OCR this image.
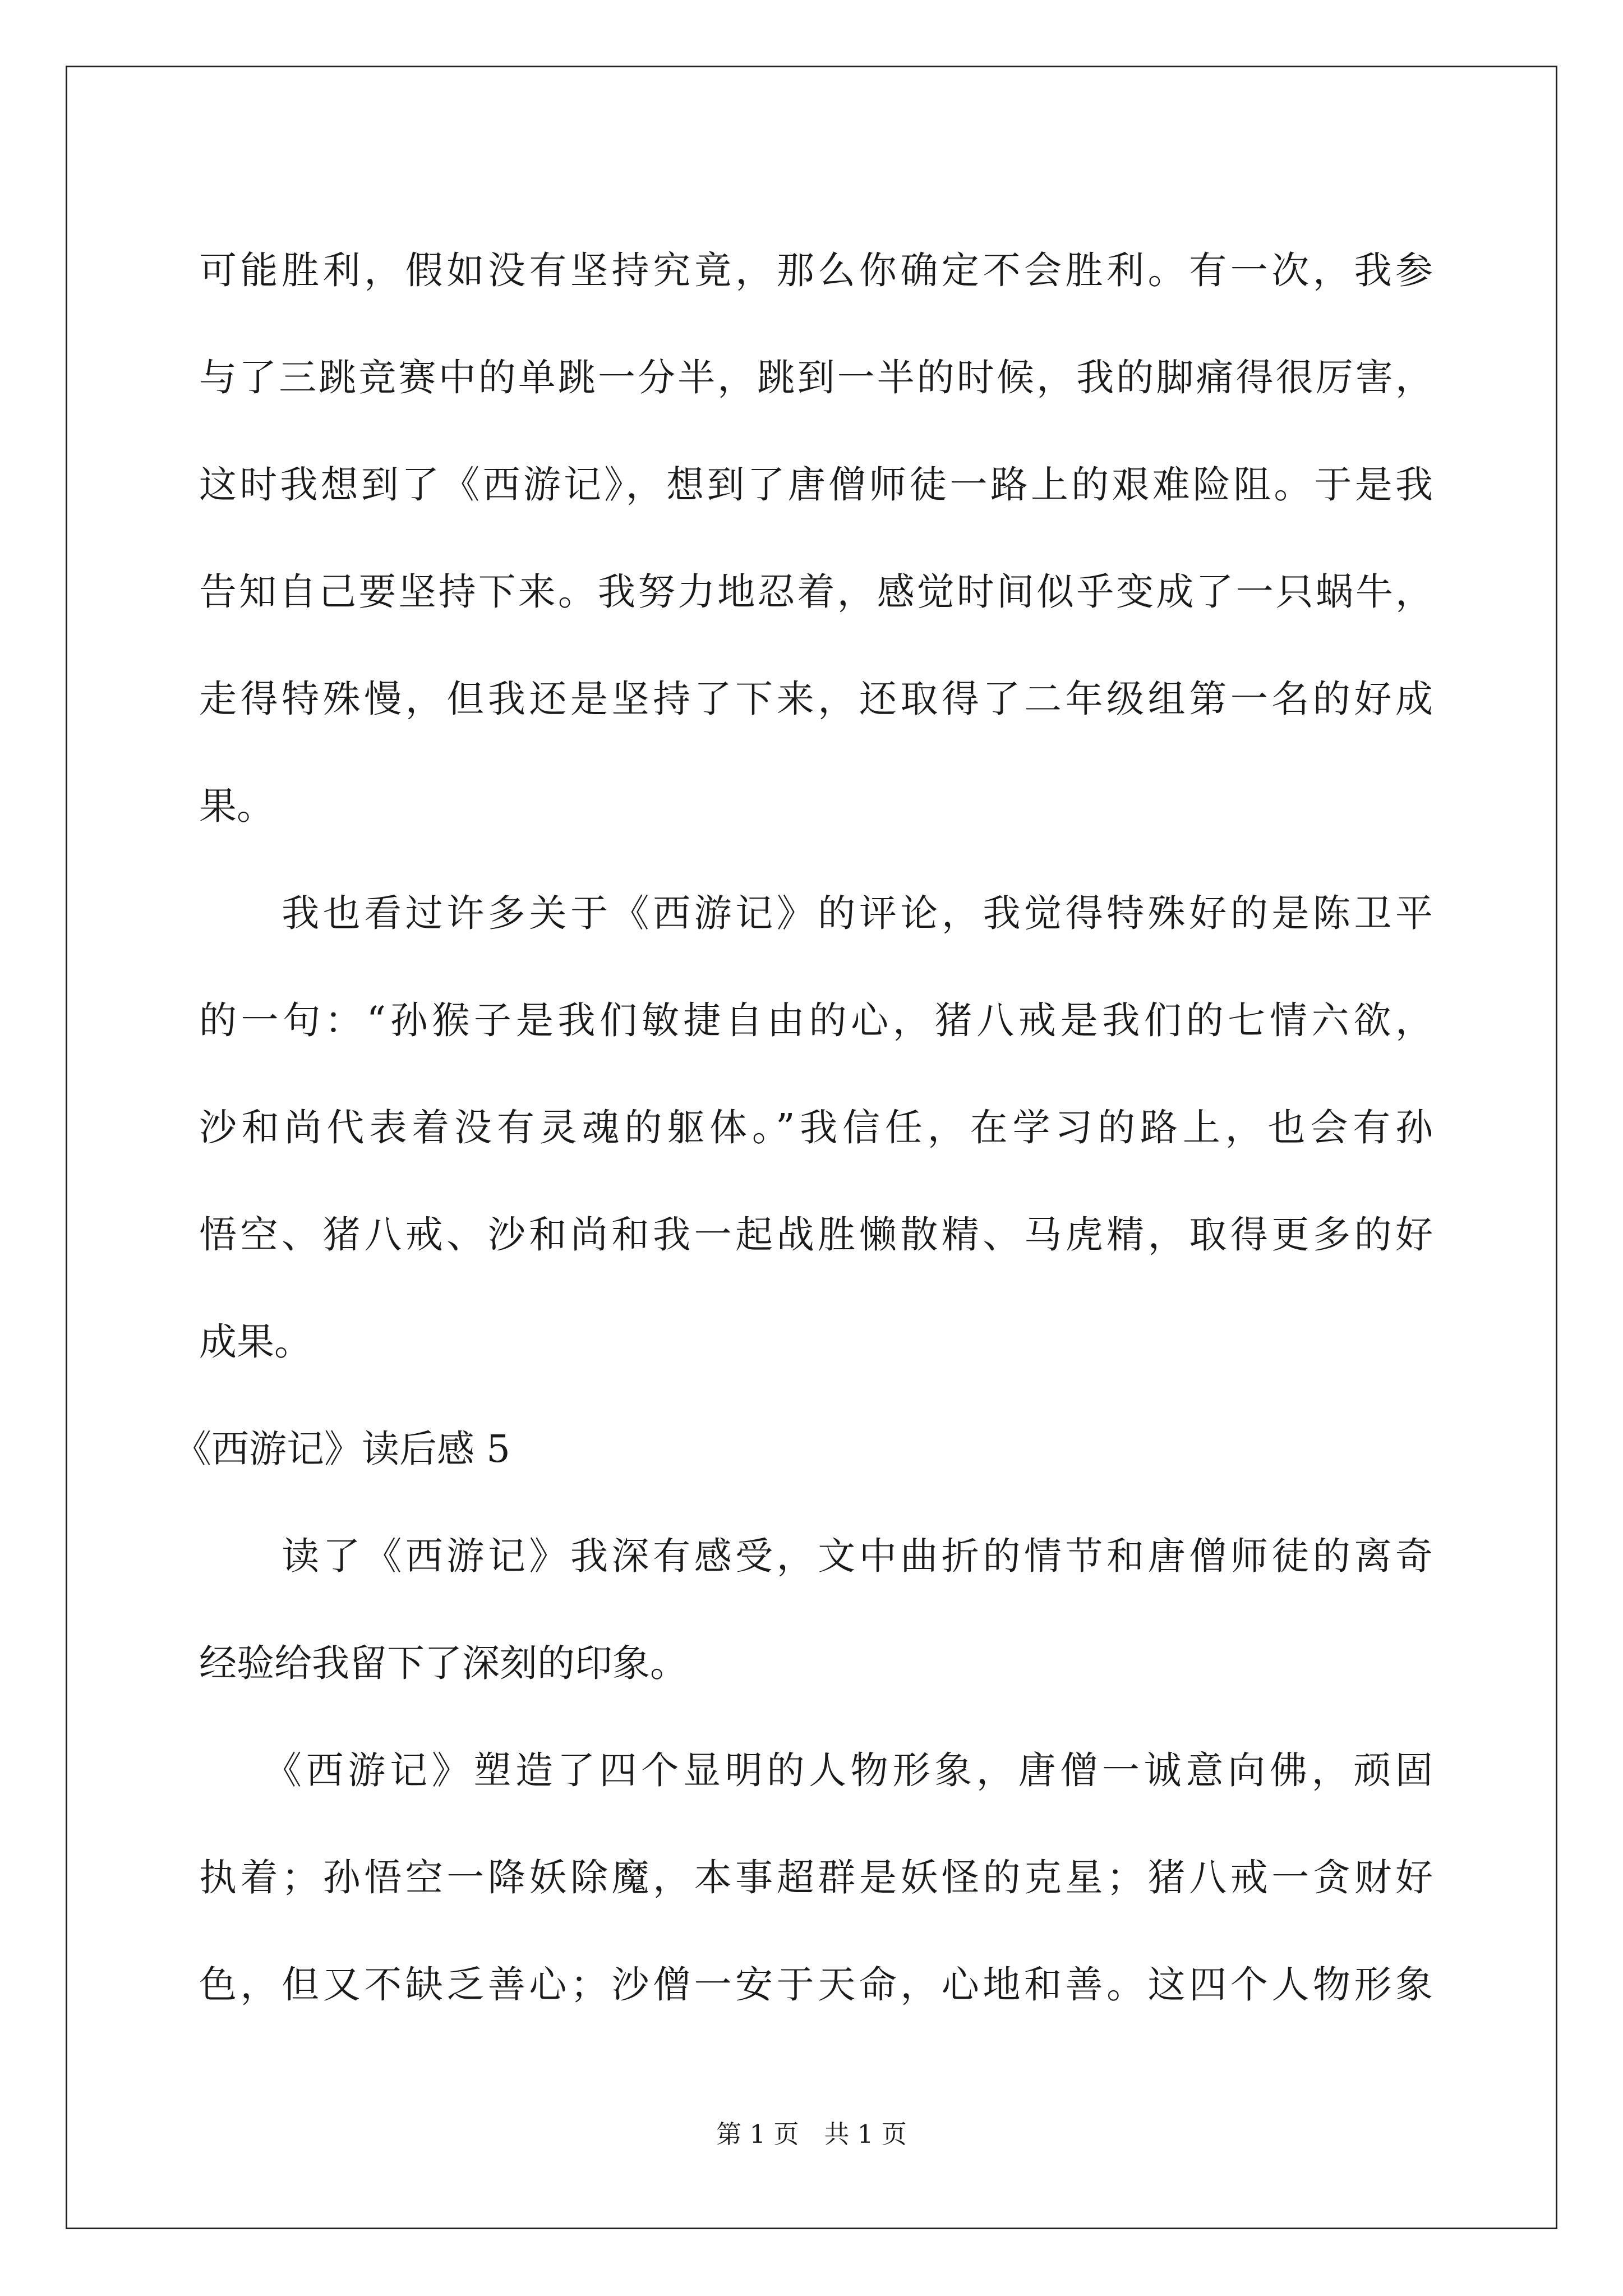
可能胜利，假如没有坚持究竟，那么你确定不会胜利。有一次，我参
与了三跳竞赛中的单跳一分半，跳到一半的时候，我的脚痛得很厉害，
这时我想到了《西游记》，想到了唐僧师徒一路上的艰难险阻。于是我
告知自己要坚持下来。我努力地忍着，感觉时间似乎变成了一只蜗牛，
走得特殊慢，但我还是坚持了下来，还取得了二年级组第一名的好成
果。
　　我也看过许多关于《西游记》的评论，我觉得特殊好的是陈卫平
的一句：“孙猴子是我们敏捷自由的心，猪八戒是我们的七情六欲，
沙和尚代表着没有灵魂的躯体。”我信任，在学习的路上，也会有孙
悟空、猪八戒、沙和尚和我一起战胜懒散精、马虎精，取得更多的好
成果。
《西游记》读后感 5
　　读了《西游记》我深有感受，文中曲折的情节和唐僧师徒的离奇
经验给我留下了深刻的印象。
　　《西游记》塑造了四个显明的人物形象，唐僧一诚意向佛，顽固
执着；孙悟空一降妖除魔，本事超群是妖怪的克星；猪八戒一贪财好
色，但又不缺乏善心；沙僧一安于天命，心地和善。这四个人物形象
第 1 页　共 1 页
